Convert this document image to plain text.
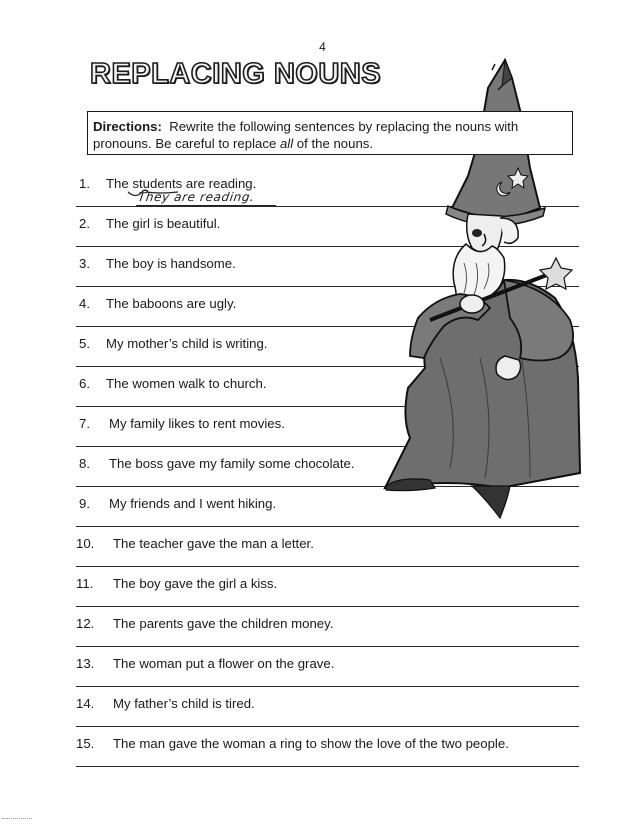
4
REPLACING NOUNS
Directions: Rewrite the following sentences by replacing the nouns with
pronouns. Be careful to replace all of the nouns.
They are reading.
1. The students are reading.
2. The girl is beautiful.
3. The boy is handsome.
4. The baboons are ugly.
5. My mother’s child is writing.
6. The women walk to church.
7. My family likes to rent movies.
8. The boss gave my family some chocolate.
9. My friends and I went hiking.
10. The teacher gave the man a letter.
11. The boy gave the girl a kiss.
12. The parents gave the children money.
13. The woman put a flower on the grave.
14. My father’s child is tired.
15. The man gave the woman a ring to show the love of the two people.
